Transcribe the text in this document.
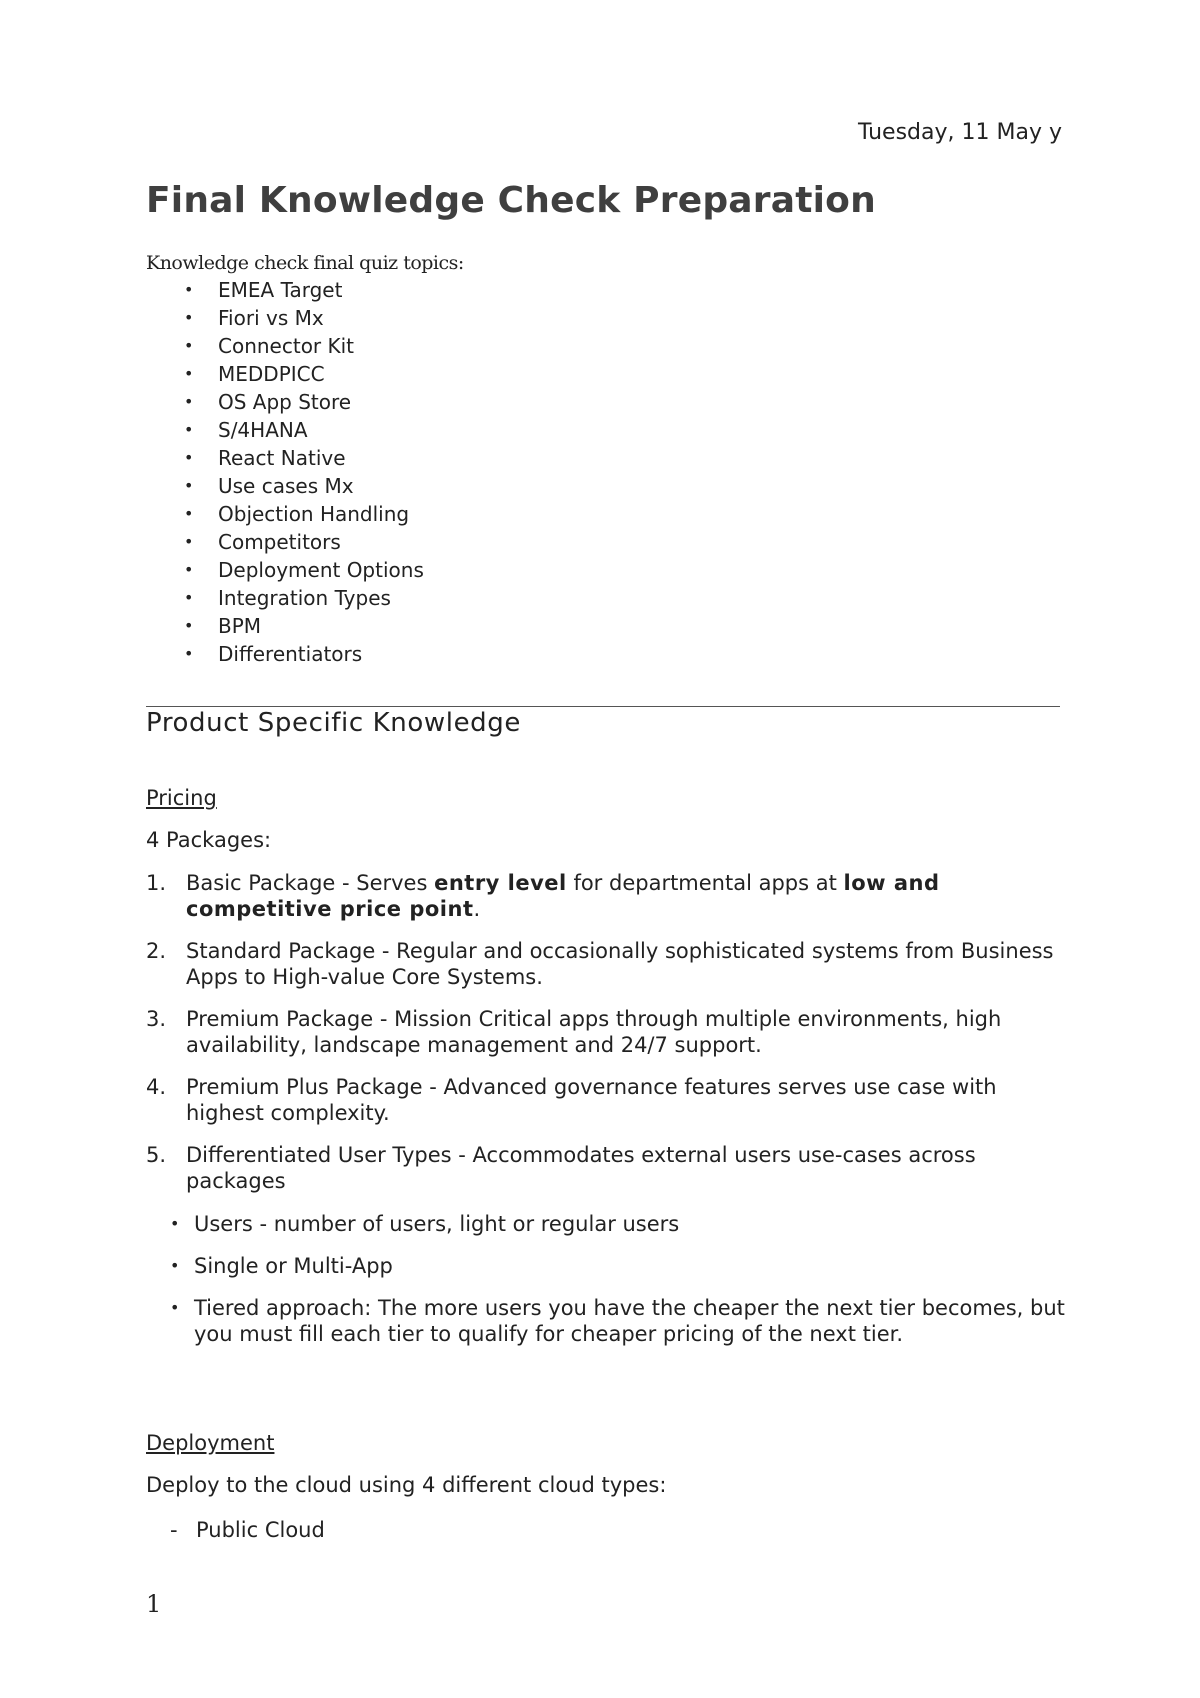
Tuesday, 11 May y
Final Knowledge Check Preparation
Knowledge check final quiz topics:
•	EMEA Target
•	Fiori vs Mx
•	Connector Kit
•	MEDDPICC
•	OS App Store
•	S/4HANA
•	React Native
•	Use cases Mx
•	Objection Handling
•	Competitors
•	Deployment Options
•	Integration Types
•	BPM
•	Differentiators
Product Specific Knowledge
Pricing
4 Packages:
1. Basic Package - Serves entry level for departmental apps at low and competitive price point.
2. Standard Package - Regular and occasionally sophisticated systems from Business Apps to High-value Core Systems.
3. Premium Package - Mission Critical apps through multiple environments, high availability, landscape management and 24/7 support.
4. Premium Plus Package - Advanced governance features serves use case with highest complexity.
5. Differentiated User Types - Accommodates external users use-cases across packages
• Users - number of users, light or regular users
• Single or Multi-App
• Tiered approach: The more users you have the cheaper the next tier becomes, but you must fill each tier to qualify for cheaper pricing of the next tier.
Deployment
Deploy to the cloud using 4 different cloud types:
- Public Cloud
1
